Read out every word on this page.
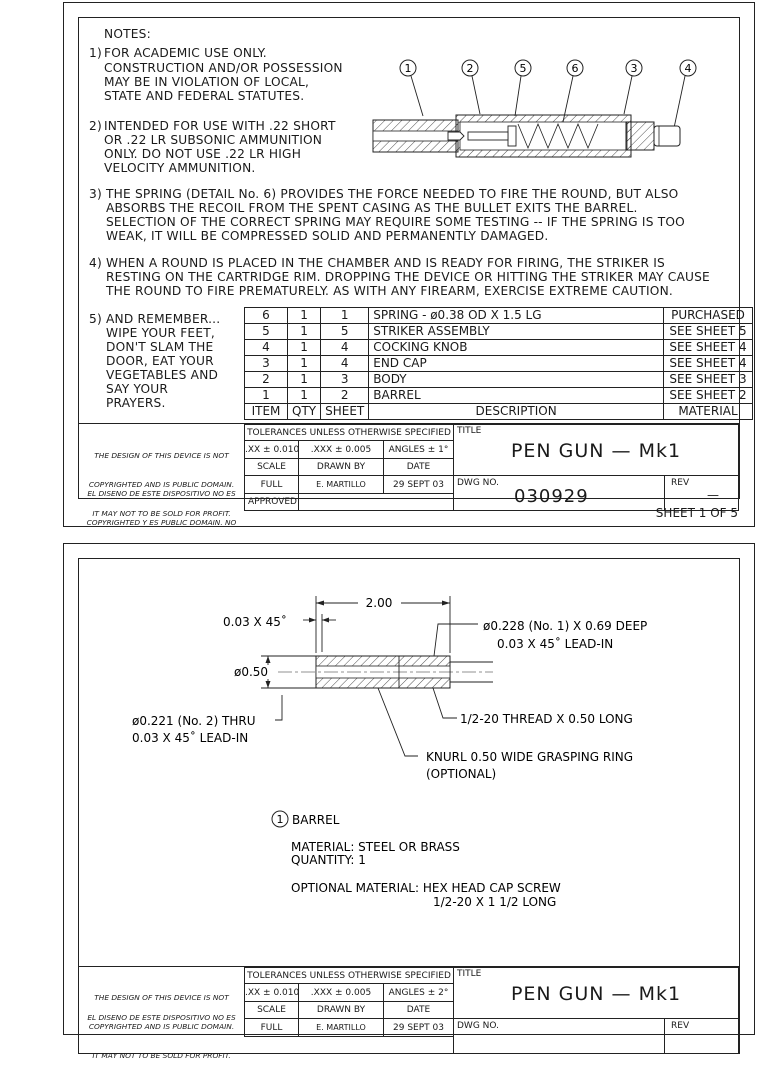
NOTES:
1) FOR ACADEMIC USE ONLY.
CONSTRUCTION AND/OR POSSESSION
MAY BE IN VIOLATION OF LOCAL,
STATE AND FEDERAL STATUTES.
2) INTENDED FOR USE WITH .22 SHORT
OR .22 LR SUBSONIC AMMUNITION
ONLY. DO NOT USE .22 LR HIGH
VELOCITY AMMUNITION.
3) THE SPRING (DETAIL No. 6) PROVIDES THE FORCE NEEDED TO FIRE THE ROUND, BUT ALSO
ABSORBS THE RECOIL FROM THE SPENT CASING AS THE BULLET EXITS THE BARREL.
SELECTION OF THE CORRECT SPRING MAY REQUIRE SOME TESTING -- IF THE SPRING IS TOO
WEAK, IT WILL BE COMPRESSED SOLID AND PERMANENTLY DAMAGED.
4) WHEN A ROUND IS PLACED IN THE CHAMBER AND IS READY FOR FIRING, THE STRIKER IS
RESTING ON THE CARTRIDGE RIM. DROPPING THE DEVICE OR HITTING THE STRIKER MAY CAUSE
THE ROUND TO FIRE PREMATURELY. AS WITH ANY FIREARM, EXERCISE EXTREME CAUTION.
5) AND REMEMBER...
WIPE YOUR FEET,
DON'T SLAM THE
DOOR, EAT YOUR
VEGETABLES AND
SAY YOUR
PRAYERS.
1	2	5	6	3	4
6	1	1	SPRING - ø0.38 OD X 1.5 LG	PURCHASED
5	1	5	STRIKER ASSEMBLY	SEE SHEET 5
4	1	4	COCKING KNOB	SEE SHEET 4
3	1	4	END CAP	SEE SHEET 4
2	1	3	BODY	SEE SHEET 3
1	1	2	BARREL	SEE SHEET 2
ITEM	QTY	SHEET	DESCRIPTION	MATERIAL

THE DESIGN OF THIS DEVICE IS NOT

COPYRIGHTED AND IS PUBLIC DOMAIN.

IT MAY NOT TO BE SOLD FOR PROFIT.

EL DISENO DE ESTE DISPOSITIVO NO ES

COPYRIGHTED Y ES PUBLIC DOMAIN. NO

TOLERANCES UNLESS OTHERWISE SPECIFIED
.XX ± 0.010	.XXX ± 0.005	ANGLES ± 1°
SCALE	DRAWN BY	DATE
FULL	E. MARTILLO	29 SEPT 03
APPROVED
TITLE
PEN GUN — Mk1
DWG NO.
030929
REV
—
SHEET 1 OF 5
2.00
0.03 X 45˚
ø0.50
ø0.228 (No. 1) X 0.69 DEEP
0.03 X 45˚ LEAD-IN
ø0.221 (No. 2) THRU
0.03 X 45˚ LEAD-IN
1/2-20 THREAD X 0.50 LONG
KNURL 0.50 WIDE GRASPING RING
(OPTIONAL)
1 BARREL
MATERIAL: STEEL OR BRASS
QUANTITY: 1
OPTIONAL MATERIAL: HEX HEAD CAP SCREW
1/2-20 X 1 1/2 LONG

THE DESIGN OF THIS DEVICE IS NOT

COPYRIGHTED AND IS PUBLIC DOMAIN.

IT MAY NOT TO BE SOLD FOR PROFIT.

EL DISENO DE ESTE DISPOSITIVO NO ES
TOLERANCES UNLESS OTHERWISE SPECIFIED
.XX ± 0.010	.XXX ± 0.005	ANGLES ± 2°
SCALE	DRAWN BY	DATE
FULL	E. MARTILLO	29 SEPT 03
TITLE
PEN GUN — Mk1
DWG NO.	REV
